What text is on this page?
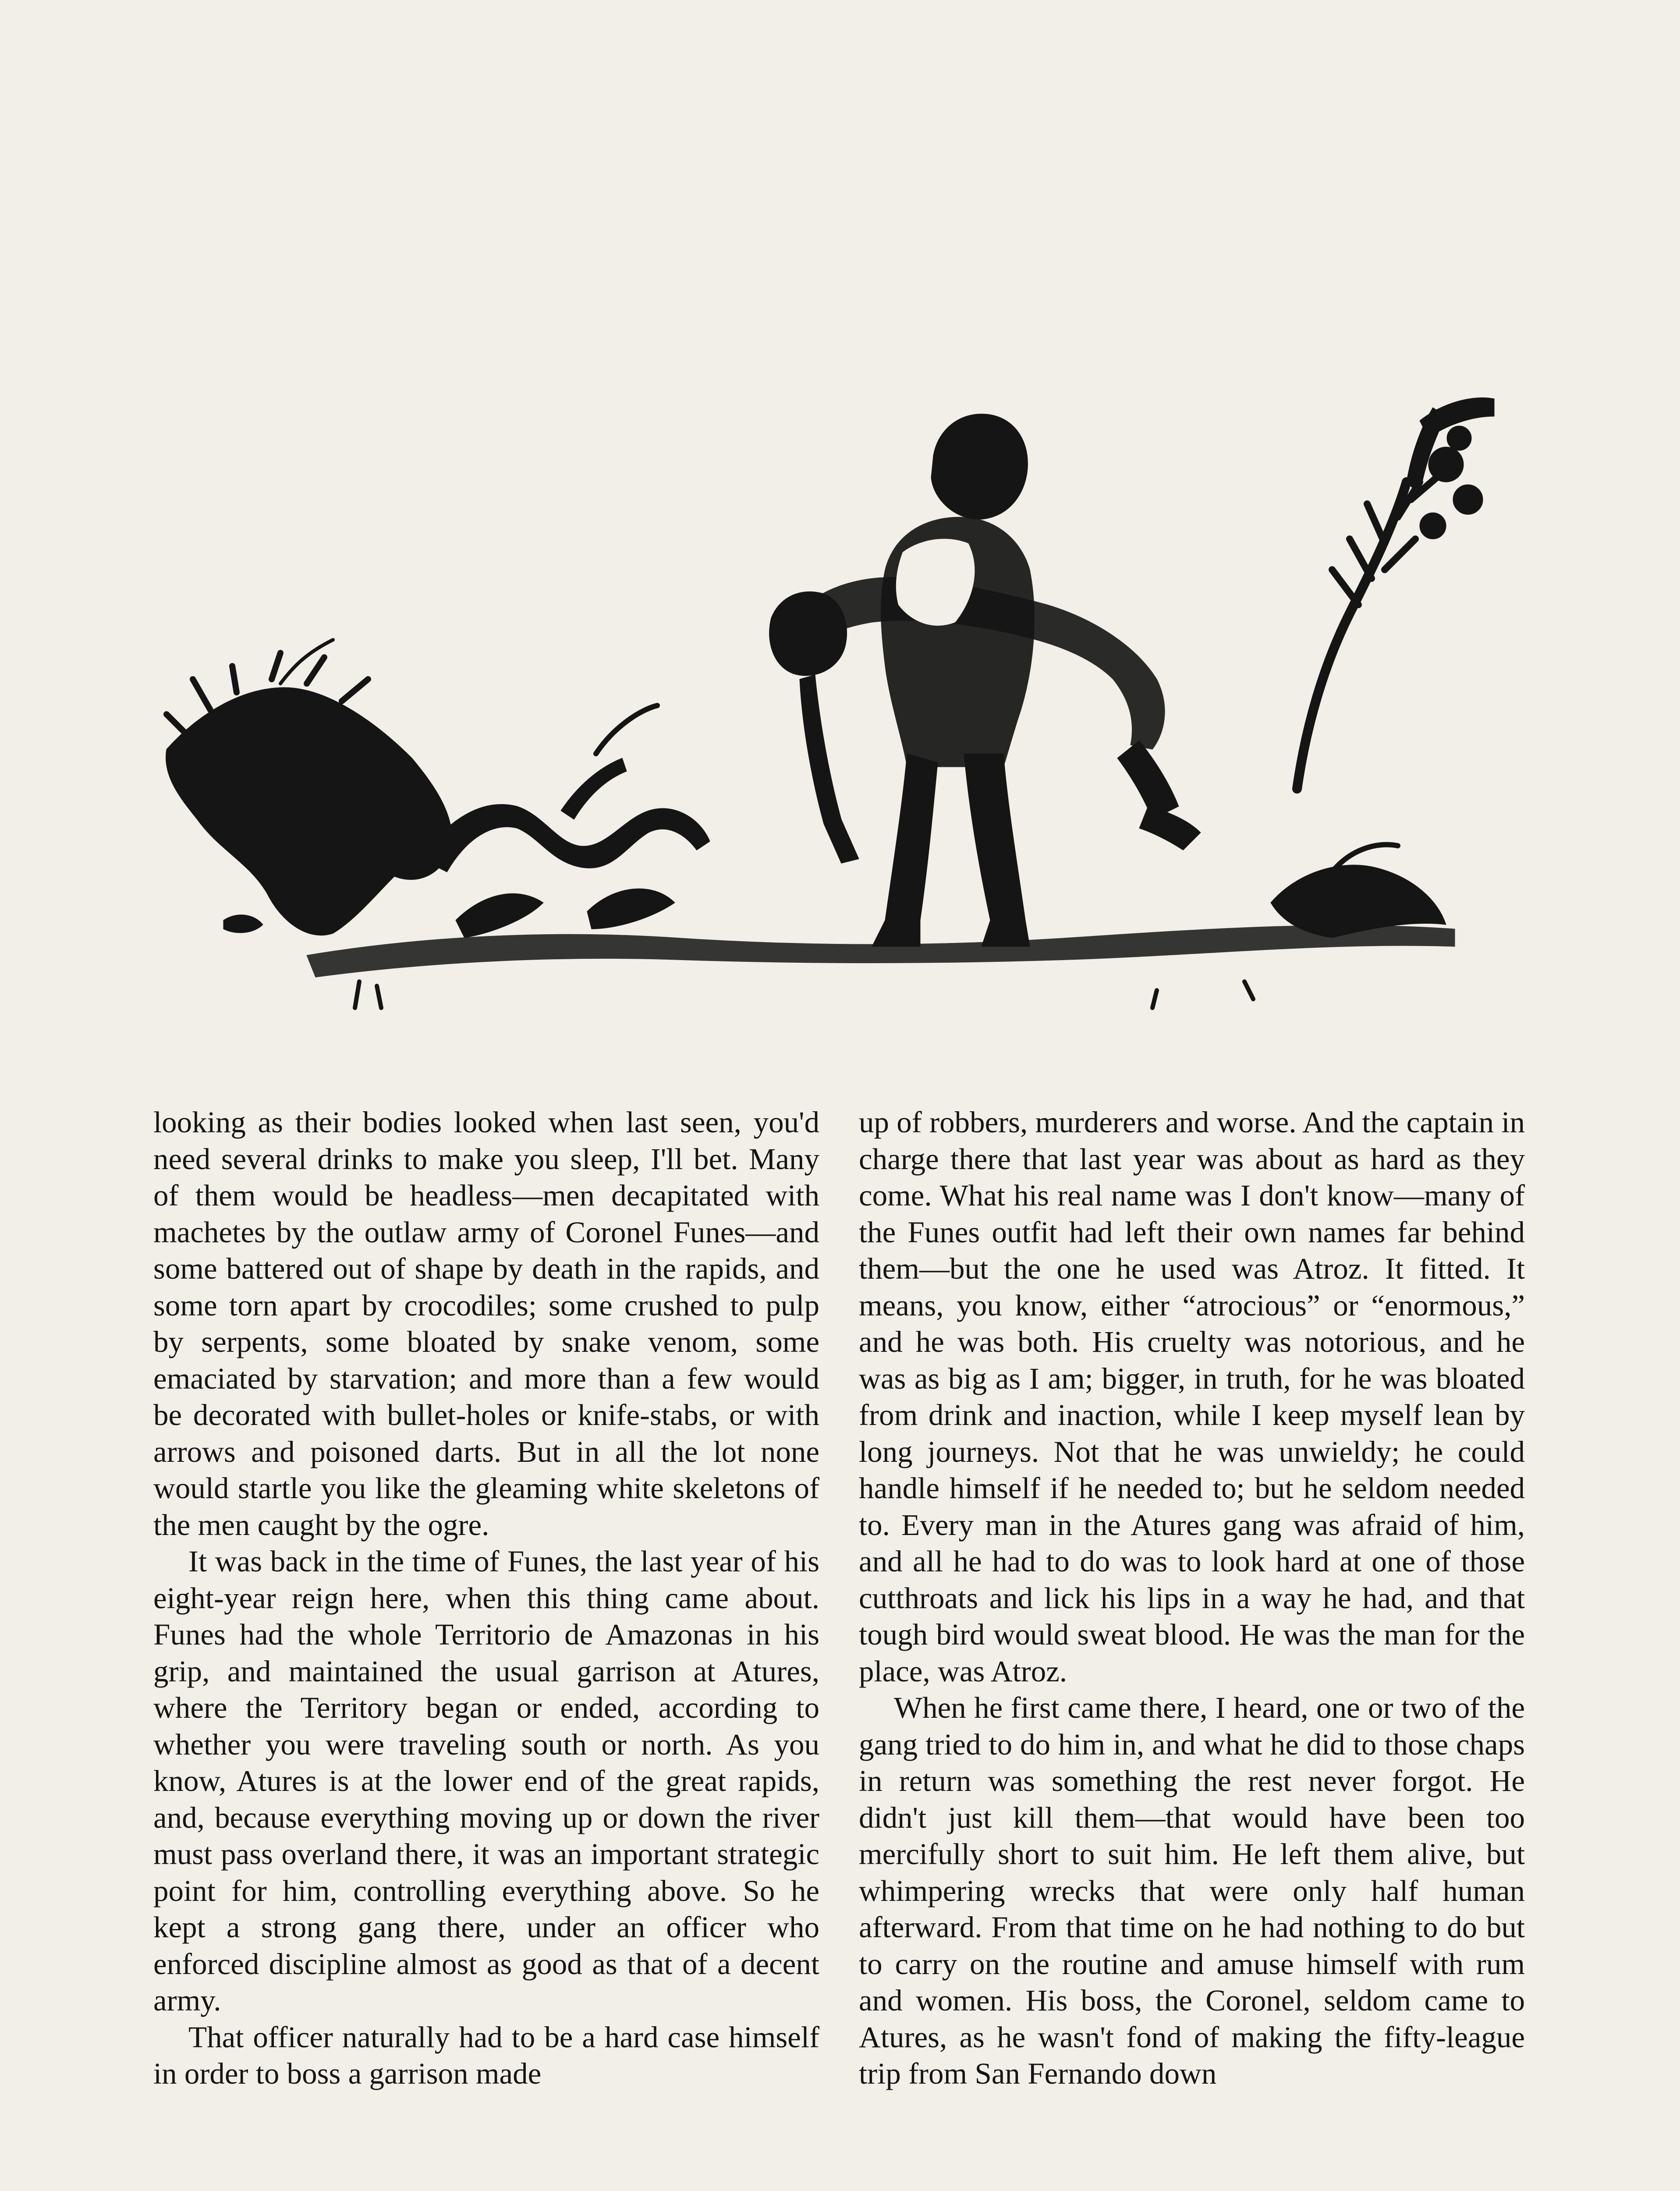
looking as their bodies looked when last seen, you'd need several drinks to make you sleep, I'll bet. Many of them would be headless—men decapitated with machetes by the outlaw army of Coronel Funes—and some battered out of shape by death in the rapids, and some torn apart by crocodiles; some crushed to pulp by serpents, some bloated by snake venom, some emaciated by starvation; and more than a few would be decorated with bullet-holes or knife-stabs, or with arrows and poisoned darts. But in all the lot none would startle you like the gleaming white skeletons of the men caught by the ogre.

It was back in the time of Funes, the last year of his eight-year reign here, when this thing came about. Funes had the whole Territorio de Amazonas in his grip, and maintained the usual garrison at Atures, where the Territory began or ended, according to whether you were traveling south or north. As you know, Atures is at the lower end of the great rapids, and, because everything moving up or down the river must pass overland there, it was an important strategic point for him, controlling everything above. So he kept a strong gang there, under an officer who enforced discipline almost as good as that of a decent army.

That officer naturally had to be a hard case himself in order to boss a garrison made

up of robbers, murderers and worse. And the captain in charge there that last year was about as hard as they come. What his real name was I don't know—many of the Funes outfit had left their own names far behind them—but the one he used was Atroz. It fitted. It means, you know, either “atrocious” or “enormous,” and he was both. His cruelty was notorious, and he was as big as I am; bigger, in truth, for he was bloated from drink and inaction, while I keep myself lean by long journeys. Not that he was unwieldy; he could handle himself if he needed to; but he seldom needed to. Every man in the Atures gang was afraid of him, and all he had to do was to look hard at one of those cutthroats and lick his lips in a way he had, and that tough bird would sweat blood. He was the man for the place, was Atroz.

When he first came there, I heard, one or two of the gang tried to do him in, and what he did to those chaps in return was something the rest never forgot. He didn't just kill them—that would have been too mercifully short to suit him. He left them alive, but whimpering wrecks that were only half human afterward. From that time on he had nothing to do but to carry on the routine and amuse himself with rum and women. His boss, the Coronel, seldom came to Atures, as he wasn't fond of making the fifty-league trip from San Fernando down
